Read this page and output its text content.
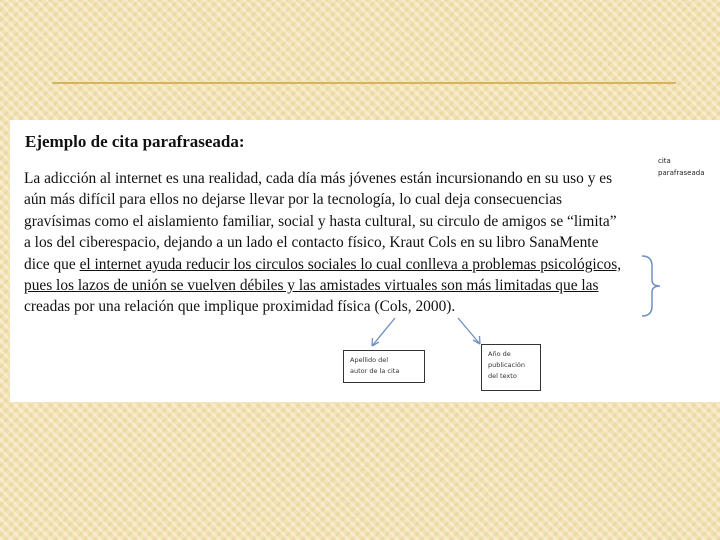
Ejemplo de cita parafraseada:
La adicción al internet es una realidad, cada día más jóvenes están incursionando en su uso y es
aún más difícil para ellos no dejarse llevar por la tecnología, lo cual deja consecuencias
gravísimas como el aislamiento familiar, social y hasta cultural, su circulo de amigos se “limita”
a los del ciberespacio, dejando a un lado el contacto físico, Kraut Cols en su libro SanaMente
dice que el internet ayuda reducir los circulos sociales lo cual conlleva a problemas psicológicos,
pues los lazos de unión se vuelven débiles y las amistades virtuales son más limitadas que las
creadas por una relación que implique proximidad física (Cols, 2000).
cita
parafraseada
Apellido del
autor de la cita
Año de
publicación
del texto
